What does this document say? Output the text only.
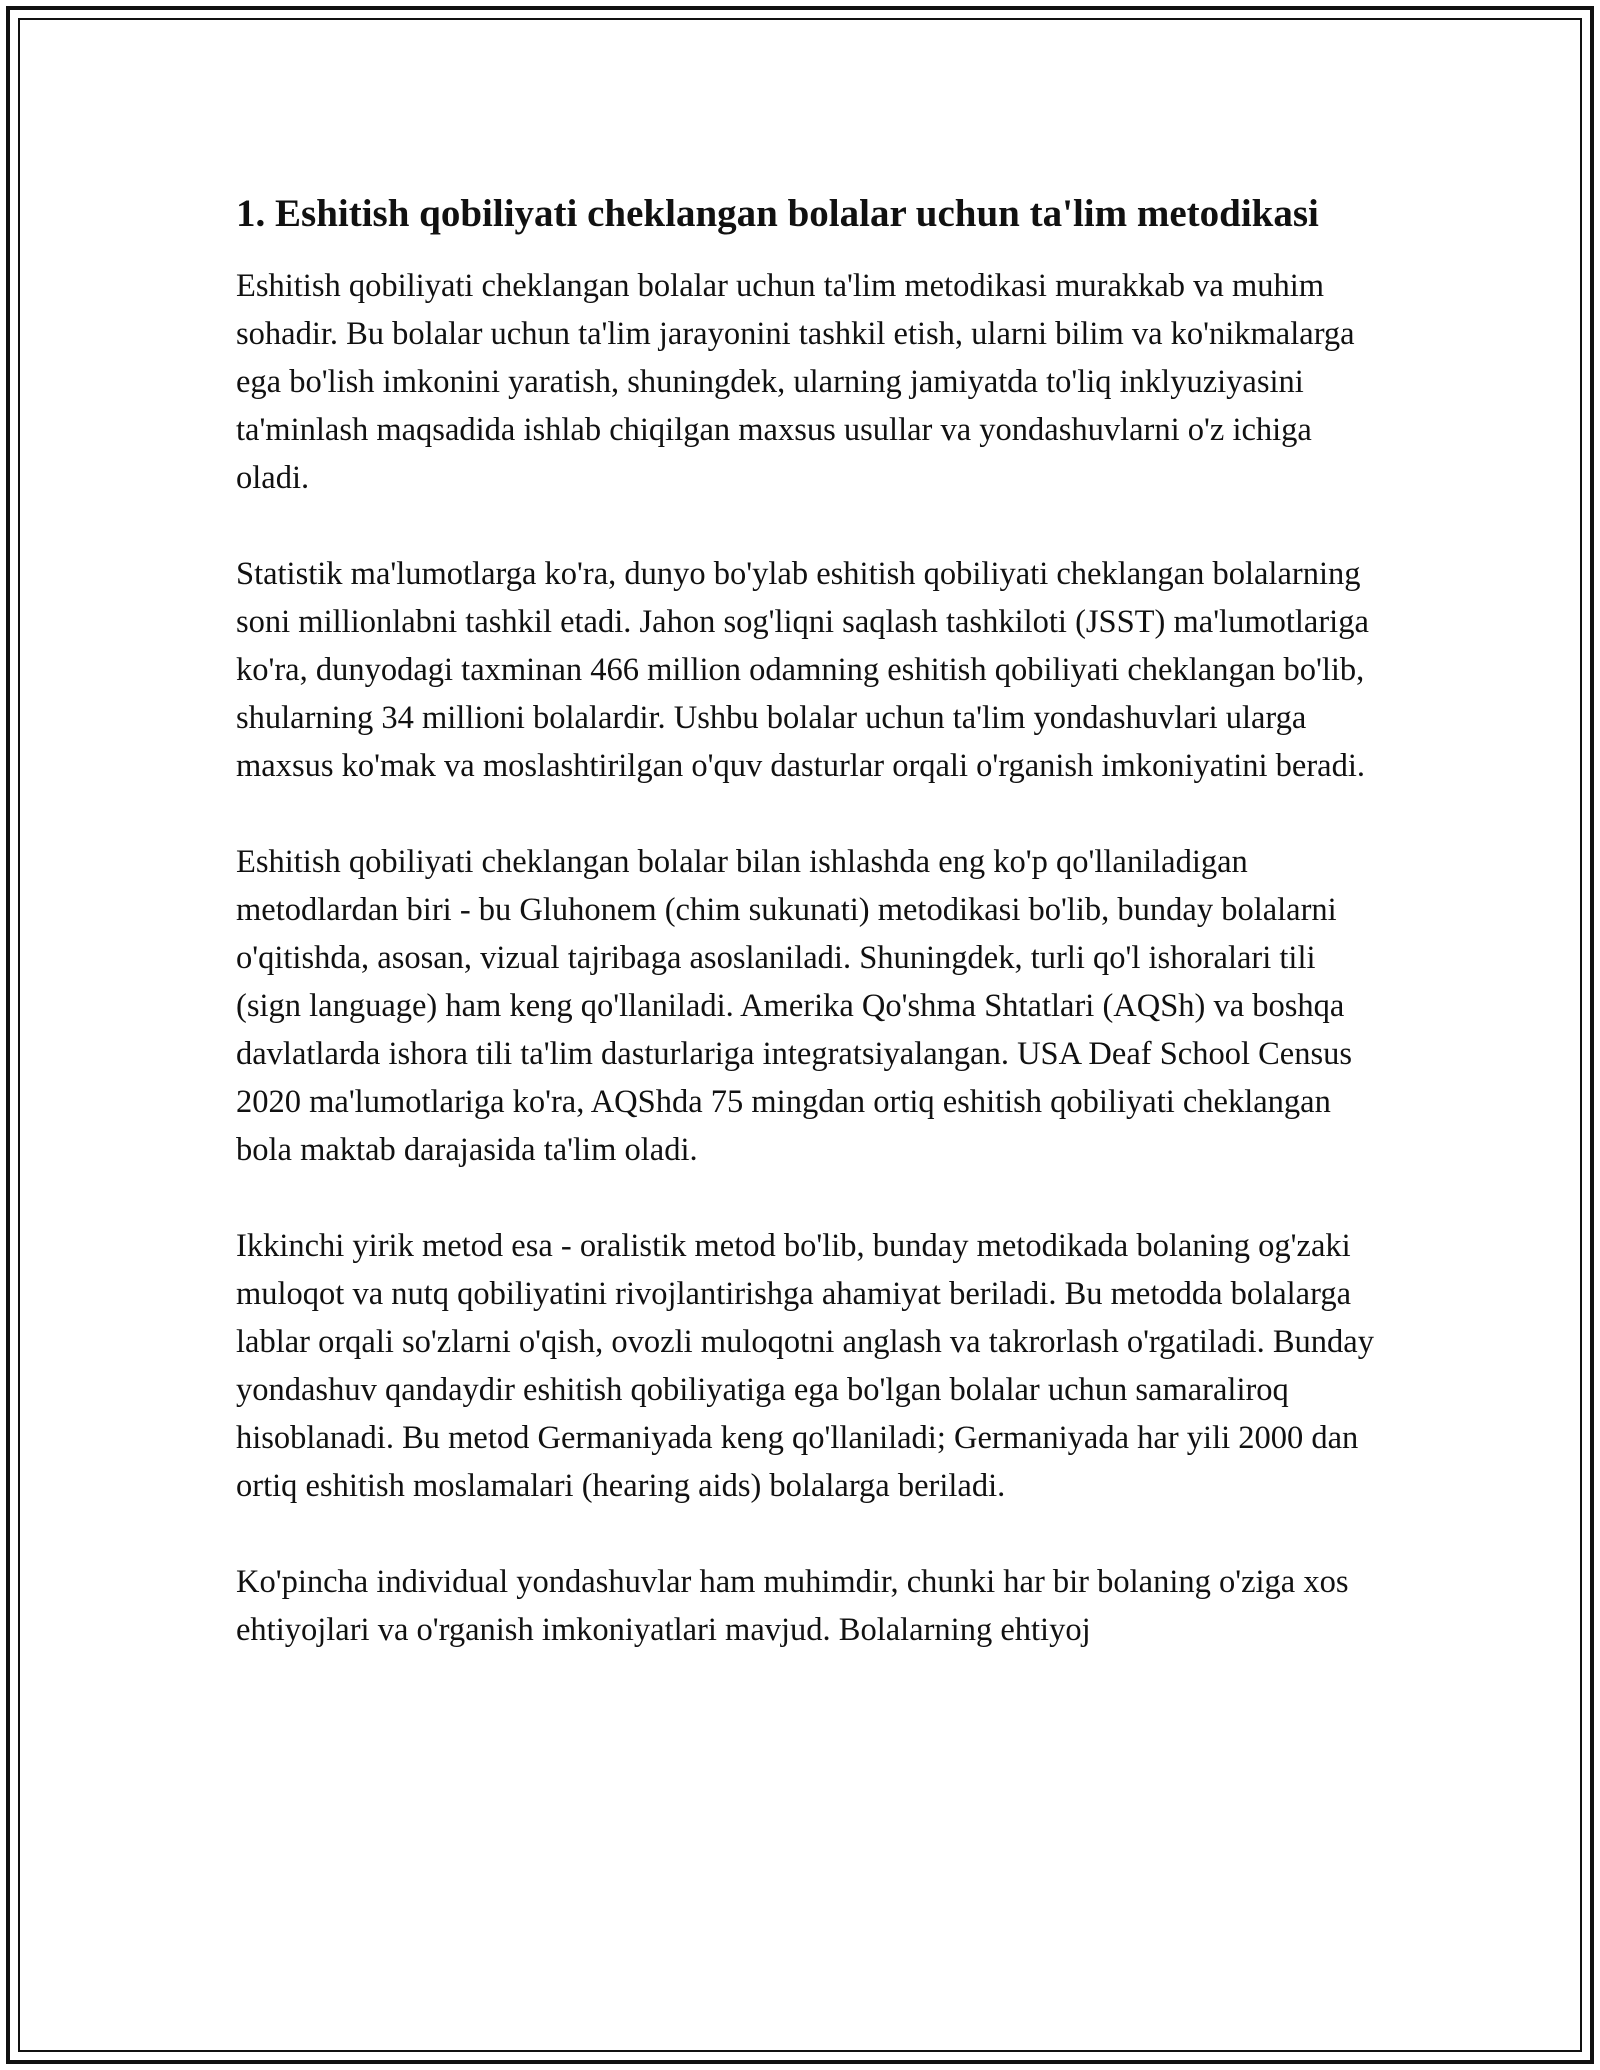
1. Eshitish qobiliyati cheklangan bolalar uchun ta'lim metodikasi

Eshitish qobiliyati cheklangan bolalar uchun ta'lim metodikasi murakkab va muhim sohadir. Bu bolalar uchun ta'lim jarayonini tashkil etish, ularni bilim va ko'nikmalarga ega bo'lish imkonini yaratish, shuningdek, ularning jamiyatda to'liq inklyuziyasini ta'minlash maqsadida ishlab chiqilgan maxsus usullar va yondashuvlarni o'z ichiga oladi.

Statistik ma'lumotlarga ko'ra, dunyo bo'ylab eshitish qobiliyati cheklangan bolalarning soni millionlabni tashkil etadi. Jahon sog'liqni saqlash tashkiloti (JSST) ma'lumotlariga ko'ra, dunyodagi taxminan 466 million odamning eshitish qobiliyati cheklangan bo'lib, shularning 34 millioni bolalardir. Ushbu bolalar uchun ta'lim yondashuvlari ularga maxsus ko'mak va moslashtirilgan o'quv dasturlar orqali o'rganish imkoniyatini beradi.

Eshitish qobiliyati cheklangan bolalar bilan ishlashda eng ko'p qo'llaniladigan metodlardan biri - bu Gluhonem (chim sukunati) metodikasi bo'lib, bunday bolalarni o'qitishda, asosan, vizual tajribaga asoslaniladi. Shuningdek, turli qo'l ishoralari tili (sign language) ham keng qo'llaniladi. Amerika Qo'shma Shtatlari (AQSh) va boshqa davlatlarda ishora tili ta'lim dasturlariga integratsiyalangan. USA Deaf School Census 2020 ma'lumotlariga ko'ra, AQShda 75 mingdan ortiq eshitish qobiliyati cheklangan bola maktab darajasida ta'lim oladi.

Ikkinchi yirik metod esa - oralistik metod bo'lib, bunday metodikada bolaning og'zaki muloqot va nutq qobiliyatini rivojlantirishga ahamiyat beriladi. Bu metodda bolalarga lablar orqali so'zlarni o'qish, ovozli muloqotni anglash va takrorlash o'rgatiladi. Bunday yondashuv qandaydir eshitish qobiliyatiga ega bo'lgan bolalar uchun samaraliroq hisoblanadi. Bu metod Germaniyada keng qo'llaniladi; Germaniyada har yili 2000 dan ortiq eshitish moslamalari (hearing aids) bolalarga beriladi.

Ko'pincha individual yondashuvlar ham muhimdir, chunki har bir bolaning o'ziga xos ehtiyojlari va o'rganish imkoniyatlari mavjud. Bolalarning ehtiyoj
